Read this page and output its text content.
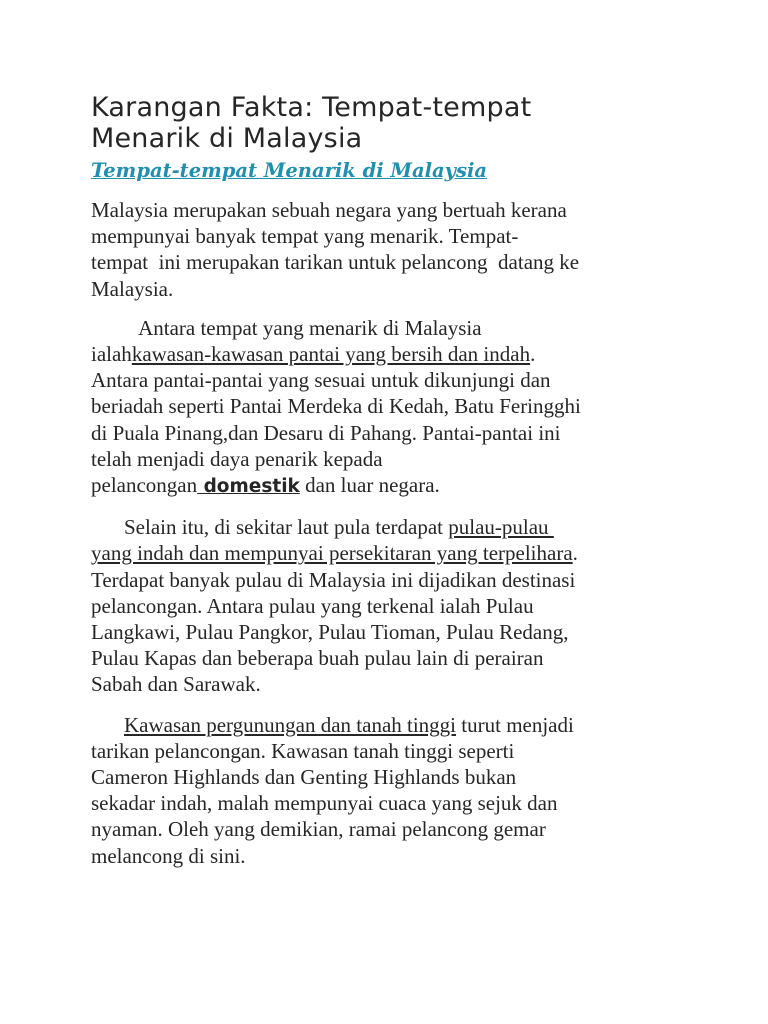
Karangan Fakta: Tempat-tempat
Menarik di Malaysia
Tempat-tempat Menarik di Malaysia

Malaysia merupakan sebuah negara yang bertuah kerana
mempunyai banyak tempat yang menarik. Tempat-
tempat  ini merupakan tarikan untuk pelancong  datang ke
Malaysia.

Antara tempat yang menarik di Malaysia
ialahkawasan-kawasan pantai yang bersih dan indah.
Antara pantai-pantai yang sesuai untuk dikunjungi dan
beriadah seperti Pantai Merdeka di Kedah, Batu Feringghi
di Puala Pinang,dan Desaru di Pahang. Pantai-pantai ini
telah menjadi daya penarik kepada
pelancongan domestik dan luar negara.

Selain itu, di sekitar laut pula terdapat pulau-pulau
yang indah dan mempunyai persekitaran yang terpelihara.
Terdapat banyak pulau di Malaysia ini dijadikan destinasi
pelancongan. Antara pulau yang terkenal ialah Pulau
Langkawi, Pulau Pangkor, Pulau Tioman, Pulau Redang,
Pulau Kapas dan beberapa buah pulau lain di perairan
Sabah dan Sarawak.

Kawasan pergunungan dan tanah tinggi turut menjadi
tarikan pelancongan. Kawasan tanah tinggi seperti
Cameron Highlands dan Genting Highlands bukan
sekadar indah, malah mempunyai cuaca yang sejuk dan
nyaman. Oleh yang demikian, ramai pelancong gemar
melancong di sini.
